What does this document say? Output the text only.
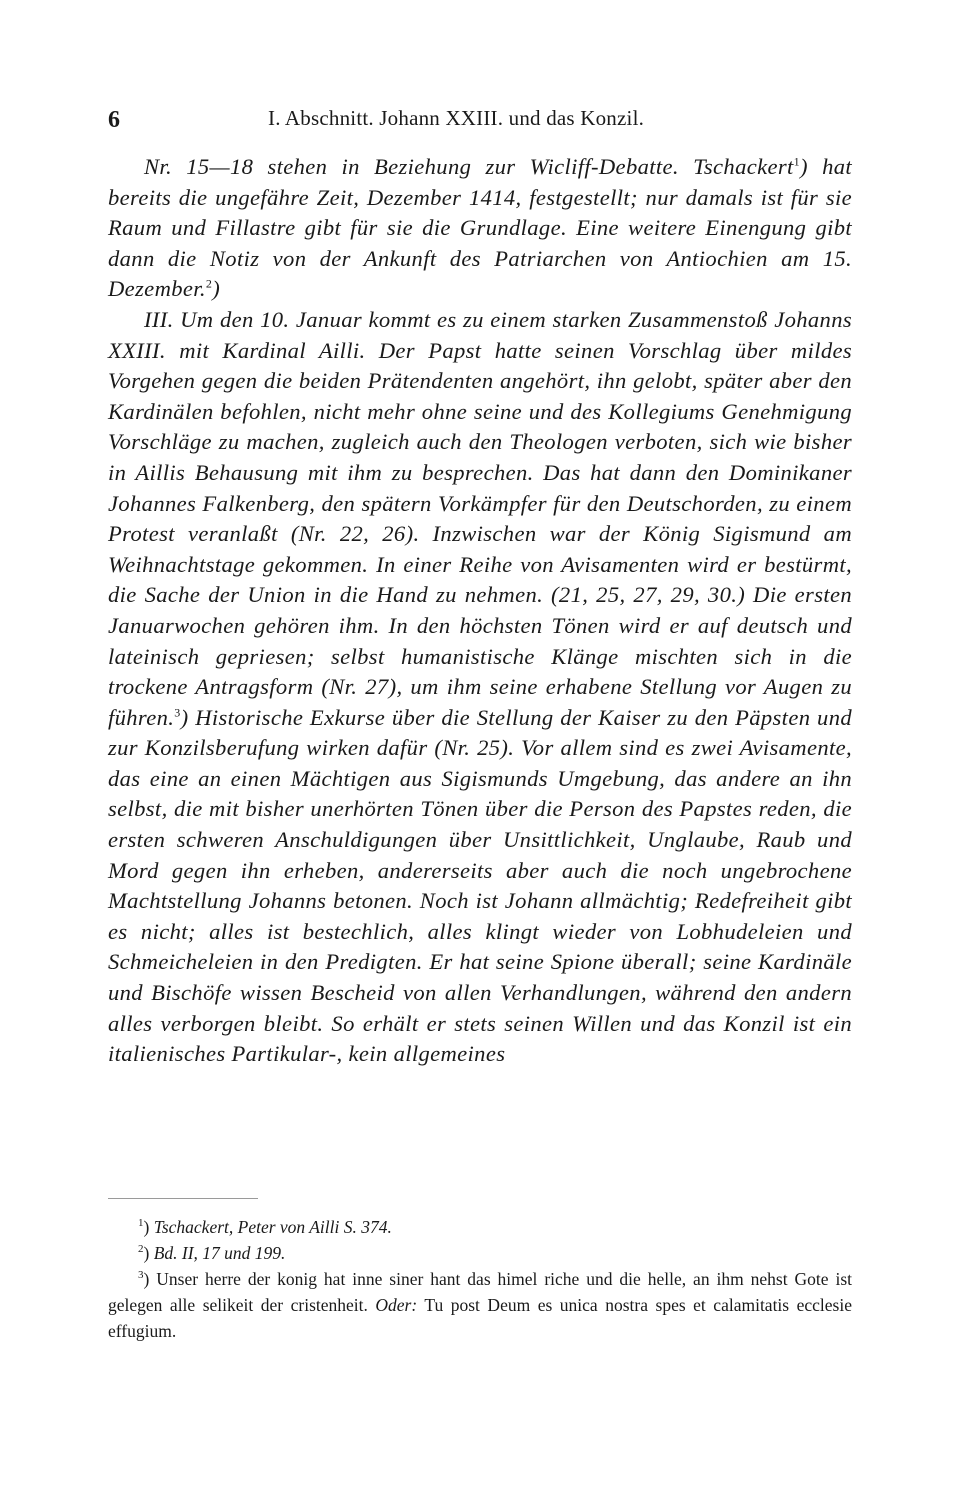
6	I. Abschnitt. Johann XXIII. und das Konzil.

Nr. 15—18 stehen in Beziehung zur Wicliff-Debatte. Tschackert$^1$) hat bereits die ungefähre Zeit, Dezember 1414, festgestellt; nur damals ist für sie Raum und Fillastre gibt für sie die Grundlage. Eine weitere Einengung gibt dann die Notiz von der Ankunft des Patriarchen von Antiochien am 15. Dezember.$^2$)

III. Um den 10. Januar kommt es zu einem starken Zusammenstoß Johanns XXIII. mit Kardinal Ailli. Der Papst hatte seinen Vorschlag über mildes Vorgehen gegen die beiden Prätendenten angehört, ihn gelobt, später aber den Kardinälen befohlen, nicht mehr ohne seine und des Kollegiums Genehmigung Vorschläge zu machen, zugleich auch den Theologen verboten, sich wie bisher in Aillis Behausung mit ihm zu besprechen. Das hat dann den Dominikaner Johannes Falkenberg, den spätern Vorkämpfer für den Deutschorden, zu einem Protest veranlaßt (Nr. 22, 26). Inzwischen war der König Sigismund am Weihnachtstage gekommen. In einer Reihe von Avisamenten wird er bestürmt, die Sache der Union in die Hand zu nehmen. (21, 25, 27, 29, 30.) Die ersten Januarwochen gehören ihm. In den höchsten Tönen wird er auf deutsch und lateinisch gepriesen; selbst humanistische Klänge mischten sich in die trockene Antragsform (Nr. 27), um ihm seine erhabene Stellung vor Augen zu führen.$^3$) Historische Exkurse über die Stellung der Kaiser zu den Päpsten und zur Konzilsberufung wirken dafür (Nr. 25). Vor allem sind es zwei Avisamente, das eine an einen Mächtigen aus Sigismunds Umgebung, das andere an ihn selbst, die mit bisher unerhörten Tönen über die Person des Papstes reden, die ersten schweren Anschuldigungen über Unsittlichkeit, Unglaube, Raub und Mord gegen ihn erheben, andererseits aber auch die noch ungebrochene Machtstellung Johanns betonen. Noch ist Johann allmächtig; Redefreiheit gibt es nicht; alles ist bestechlich, alles klingt wieder von Lobhudeleien und Schmeicheleien in den Predigten. Er hat seine Spione überall; seine Kardinäle und Bischöfe wissen Bescheid von allen Verhandlungen, während den andern alles verborgen bleibt. So erhält er stets seinen Willen und das Konzil ist ein italienisches Partikular-, kein allgemeines

$^1$) Tschackert, Peter von Ailli S. 374.

$^2$) Bd. II, 17 und 199.

$^3$) Unser herre der konig hat inne siner hant das himel riche und die helle, an ihm nehst Gote ist gelegen alle selikeit der cristenheit. Oder: Tu post Deum es unica nostra spes et calamitatis ecclesie effugium.
